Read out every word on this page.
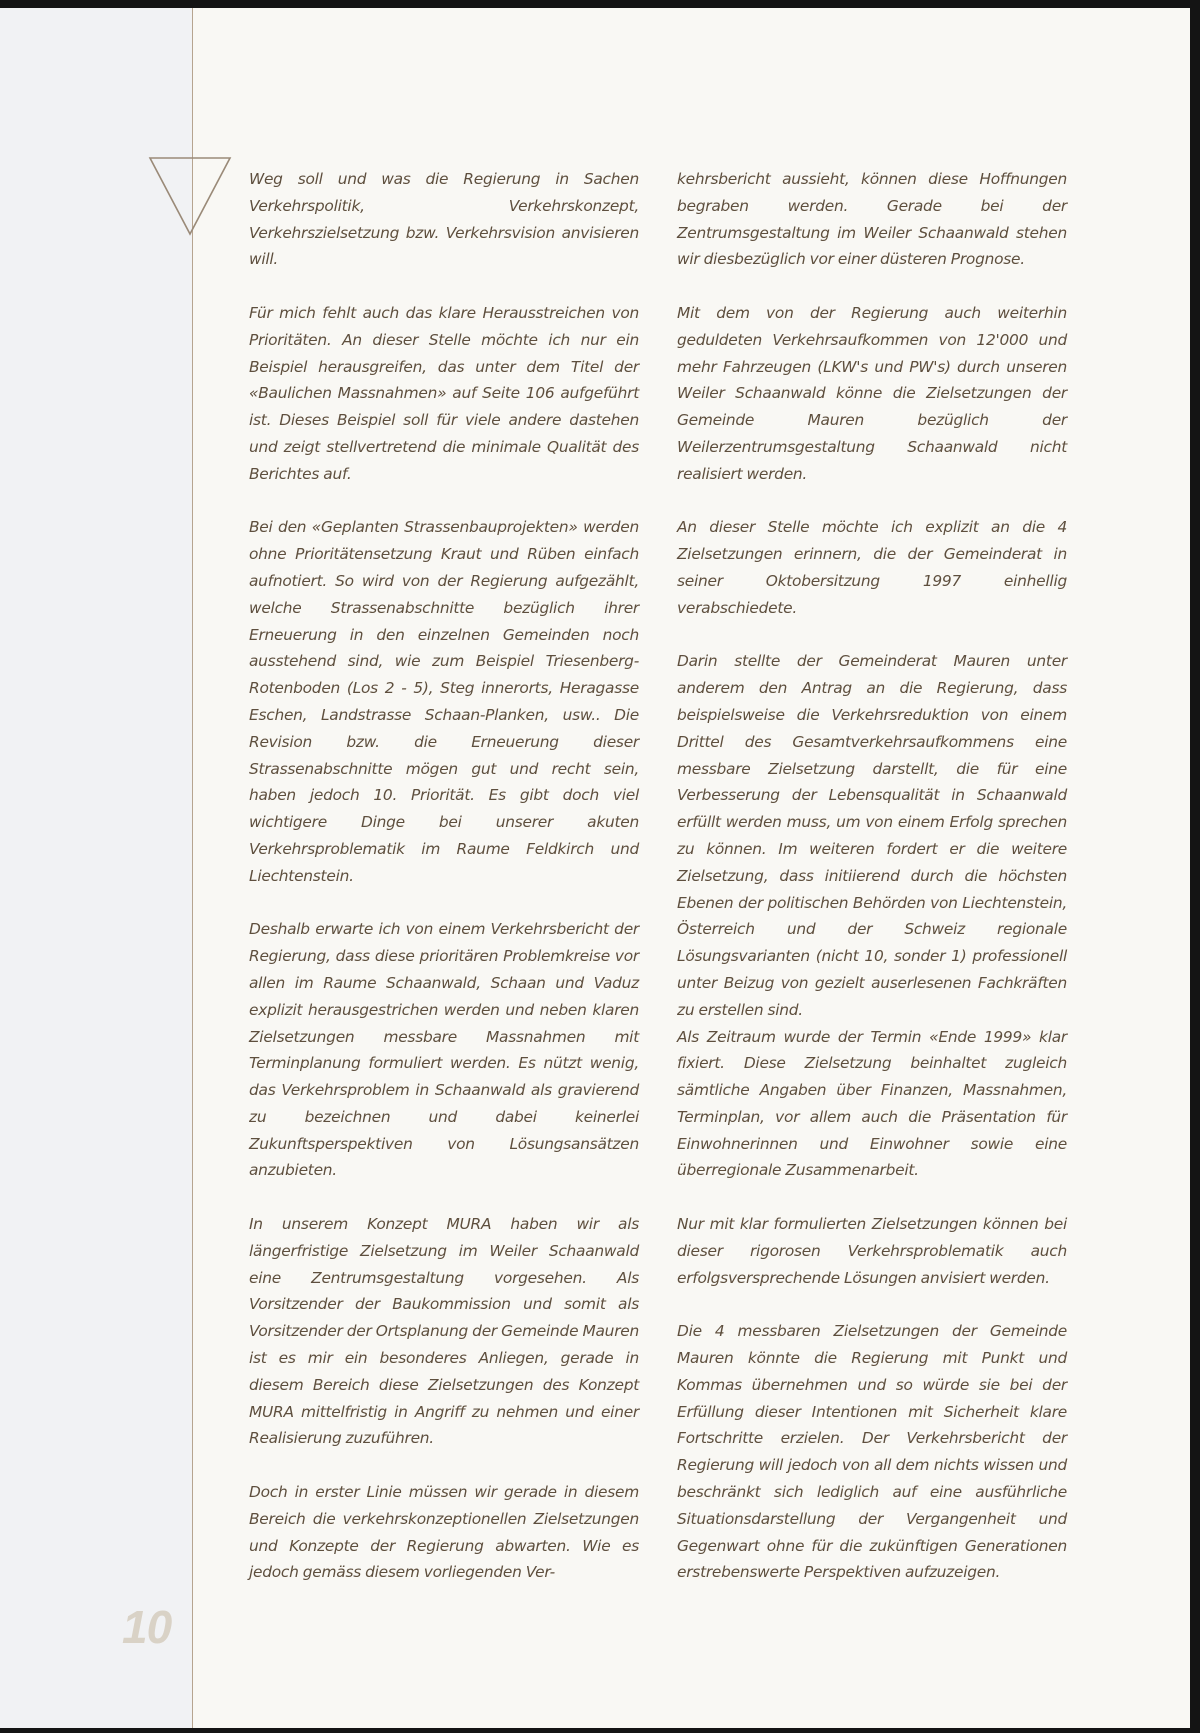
Weg soll und was die Regierung in Sachen Verkehrspolitik, Verkehrskonzept, Verkehrszielsetzung bzw. Verkehrsvision anvisieren will.

Für mich fehlt auch das klare Herausstreichen von Prioritäten. An dieser Stelle möchte ich nur ein Beispiel herausgreifen, das unter dem Titel der «Baulichen Massnahmen» auf Seite 106 aufgeführt ist. Dieses Beispiel soll für viele andere dastehen und zeigt stellvertretend die minimale Qualität des Berichtes auf.

Bei den «Geplanten Strassenbauprojekten» werden ohne Prioritätensetzung Kraut und Rüben einfach aufnotiert. So wird von der Regierung aufgezählt, welche Strassenabschnitte bezüglich ihrer Erneuerung in den einzelnen Gemeinden noch ausstehend sind, wie zum Beispiel Triesenberg-Rotenboden (Los 2 - 5), Steg innerorts, Heragasse Eschen, Landstrasse Schaan-Planken, usw.. Die Revision bzw. die Erneuerung dieser Strassenabschnitte mögen gut und recht sein, haben jedoch 10. Priorität. Es gibt doch viel wichtigere Dinge bei unserer akuten Verkehrsproblematik im Raume Feldkirch und Liechtenstein.

Deshalb erwarte ich von einem Verkehrsbericht der Regierung, dass diese prioritären Problemkreise vor allen im Raume Schaanwald, Schaan und Vaduz explizit herausgestrichen werden und neben klaren Zielsetzungen messbare Massnahmen mit Terminplanung formuliert werden. Es nützt wenig, das Verkehrsproblem in Schaanwald als gravierend zu bezeichnen und dabei keinerlei Zukunftsperspektiven von Lösungsansätzen anzubieten.

In unserem Konzept MURA haben wir als längerfristige Zielsetzung im Weiler Schaanwald eine Zentrumsgestaltung vorgesehen. Als Vorsitzender der Baukommission und somit als Vorsitzender der Ortsplanung der Gemeinde Mauren ist es mir ein besonderes Anliegen, gerade in diesem Bereich diese Zielsetzungen des Konzept MURA mittelfristig in Angriff zu nehmen und einer Realisierung zuzuführen.

Doch in erster Linie müssen wir gerade in diesem Bereich die verkehrskonzeptionellen Zielsetzungen und Konzepte der Regierung abwarten. Wie es jedoch gemäss diesem vorliegenden Ver-

kehrsbericht aussieht, können diese Hoffnungen begraben werden. Gerade bei der Zentrumsgestaltung im Weiler Schaanwald stehen wir diesbezüglich vor einer düsteren Prognose.

Mit dem von der Regierung auch weiterhin geduldeten Verkehrsaufkommen von 12'000 und mehr Fahrzeugen (LKW's und PW's) durch unseren Weiler Schaanwald könne die Zielsetzungen der Gemeinde Mauren bezüglich der Weilerzentrumsgestaltung Schaanwald nicht realisiert werden.

An dieser Stelle möchte ich explizit an die 4 Zielsetzungen erinnern, die der Gemeinderat in seiner Oktobersitzung 1997 einhellig verabschiedete.

Darin stellte der Gemeinderat Mauren unter anderem den Antrag an die Regierung, dass beispielsweise die Verkehrsreduktion von einem Drittel des Gesamtverkehrsaufkommens eine messbare Zielsetzung darstellt, die für eine Verbesserung der Lebensqualität in Schaanwald erfüllt werden muss, um von einem Erfolg sprechen zu können. Im weiteren fordert er die weitere Zielsetzung, dass initiierend durch die höchsten Ebenen der politischen Behörden von Liechtenstein, Österreich und der Schweiz regionale Lösungsvarianten (nicht 10, sonder 1) professionell unter Beizug von gezielt auserlesenen Fachkräften zu erstellen sind.

Als Zeitraum wurde der Termin «Ende 1999» klar fixiert. Diese Zielsetzung beinhaltet zugleich sämtliche Angaben über Finanzen, Massnahmen, Terminplan, vor allem auch die Präsentation für Einwohnerinnen und Einwohner sowie eine überregionale Zusammenarbeit.

Nur mit klar formulierten Zielsetzungen können bei dieser rigorosen Verkehrsproblematik auch erfolgsversprechende Lösungen anvisiert werden.

Die 4 messbaren Zielsetzungen der Gemeinde Mauren könnte die Regierung mit Punkt und Kommas übernehmen und so würde sie bei der Erfüllung dieser Intentionen mit Sicherheit klare Fortschritte erzielen. Der Verkehrsbericht der Regierung will jedoch von all dem nichts wissen und beschränkt sich lediglich auf eine ausführliche Situationsdarstellung der Vergangenheit und Gegenwart ohne für die zukünftigen Generationen erstrebenswerte Perspektiven aufzuzeigen.

10
